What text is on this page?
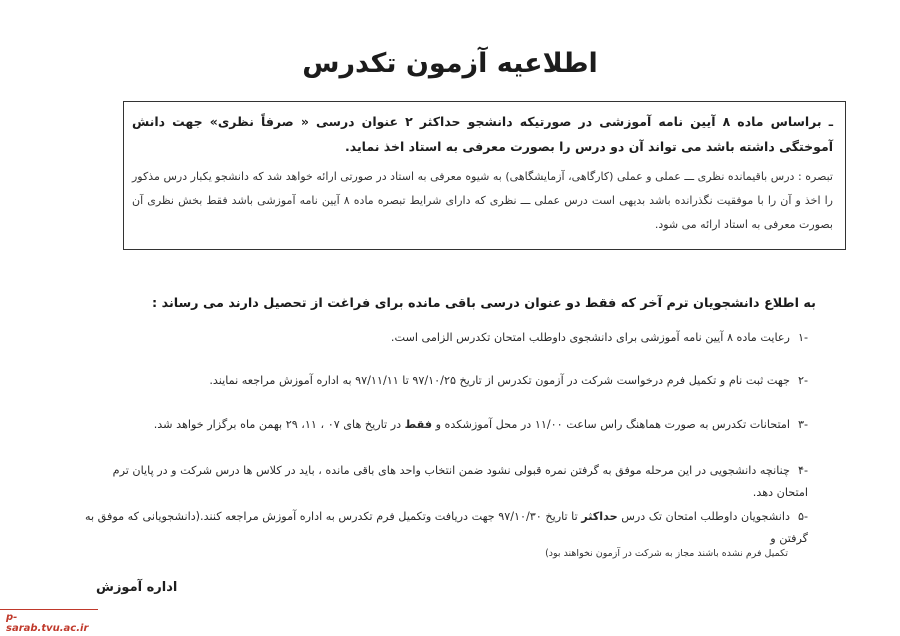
اطلاعیه آزمون تکدرس
ـ براساس ماده ۸ آیین نامه آموزشی در صورتیکه دانشجو حداکثر ۲ عنوان درسی « صرفاً نظری» جهت دانش آموختگی داشته باشد می تواند آن دو درس را بصورت معرفی به استاد اخذ نماید.
تبصره : درس باقیمانده نظری ـــ عملی و عملی (کارگاهی، آزمایشگاهی) به شیوه معرفی به استاد در صورتی ارائه خواهد شد که دانشجو یکبار درس مذکور را اخذ و آن را با موفقیت نگذرانده باشد بدیهی است درس عملی ـــ نظری که دارای شرایط تبصره ماده ۸ آیین نامه آموزشی باشد فقط بخش نظری آن بصورت معرفی به استاد ارائه می شود.
به اطلاع دانشجویان ترم آخر که فقط دو عنوان درسی باقی مانده برای فراغت از تحصیل دارند می رساند :
-۱رعایت ماده ۸ آیین نامه آموزشی برای دانشجوی داوطلب امتحان تکدرس الزامی است.
-۲جهت ثبت نام و تکمیل فرم درخواست شرکت در آزمون تکدرس از تاریخ ۹۷/۱۰/۲۵ تا ۹۷/۱۱/۱۱ به اداره آموزش مراجعه نمایند.
-۳امتحانات تکدرس به صورت هماهنگ راس ساعت ۱۱/۰۰ در محل آموزشکده و فقط در تاریخ های ۰۷ ، ۱۱، ۲۹ بهمن ماه برگزار خواهد شد.
-۴چنانچه دانشجویی در این مرحله موفق به گرفتن نمره قبولی نشود ضمن انتخاب واحد های باقی مانده ، باید در کلاس ها درس شرکت و در پایان ترم امتحان دهد.
-۵دانشجویان داوطلب امتحان تک درس حداکثر تا تاریخ ۹۷/۱۰/۳۰ جهت دریافت وتکمیل فرم تکدرس به اداره آموزش مراجعه کنند.(دانشجویانی که موفق به گرفتن و
تکمیل فرم نشده باشند مجاز به شرکت در آزمون نخواهند بود)
اداره آموزش
p-sarab.tvu.ac.ir
